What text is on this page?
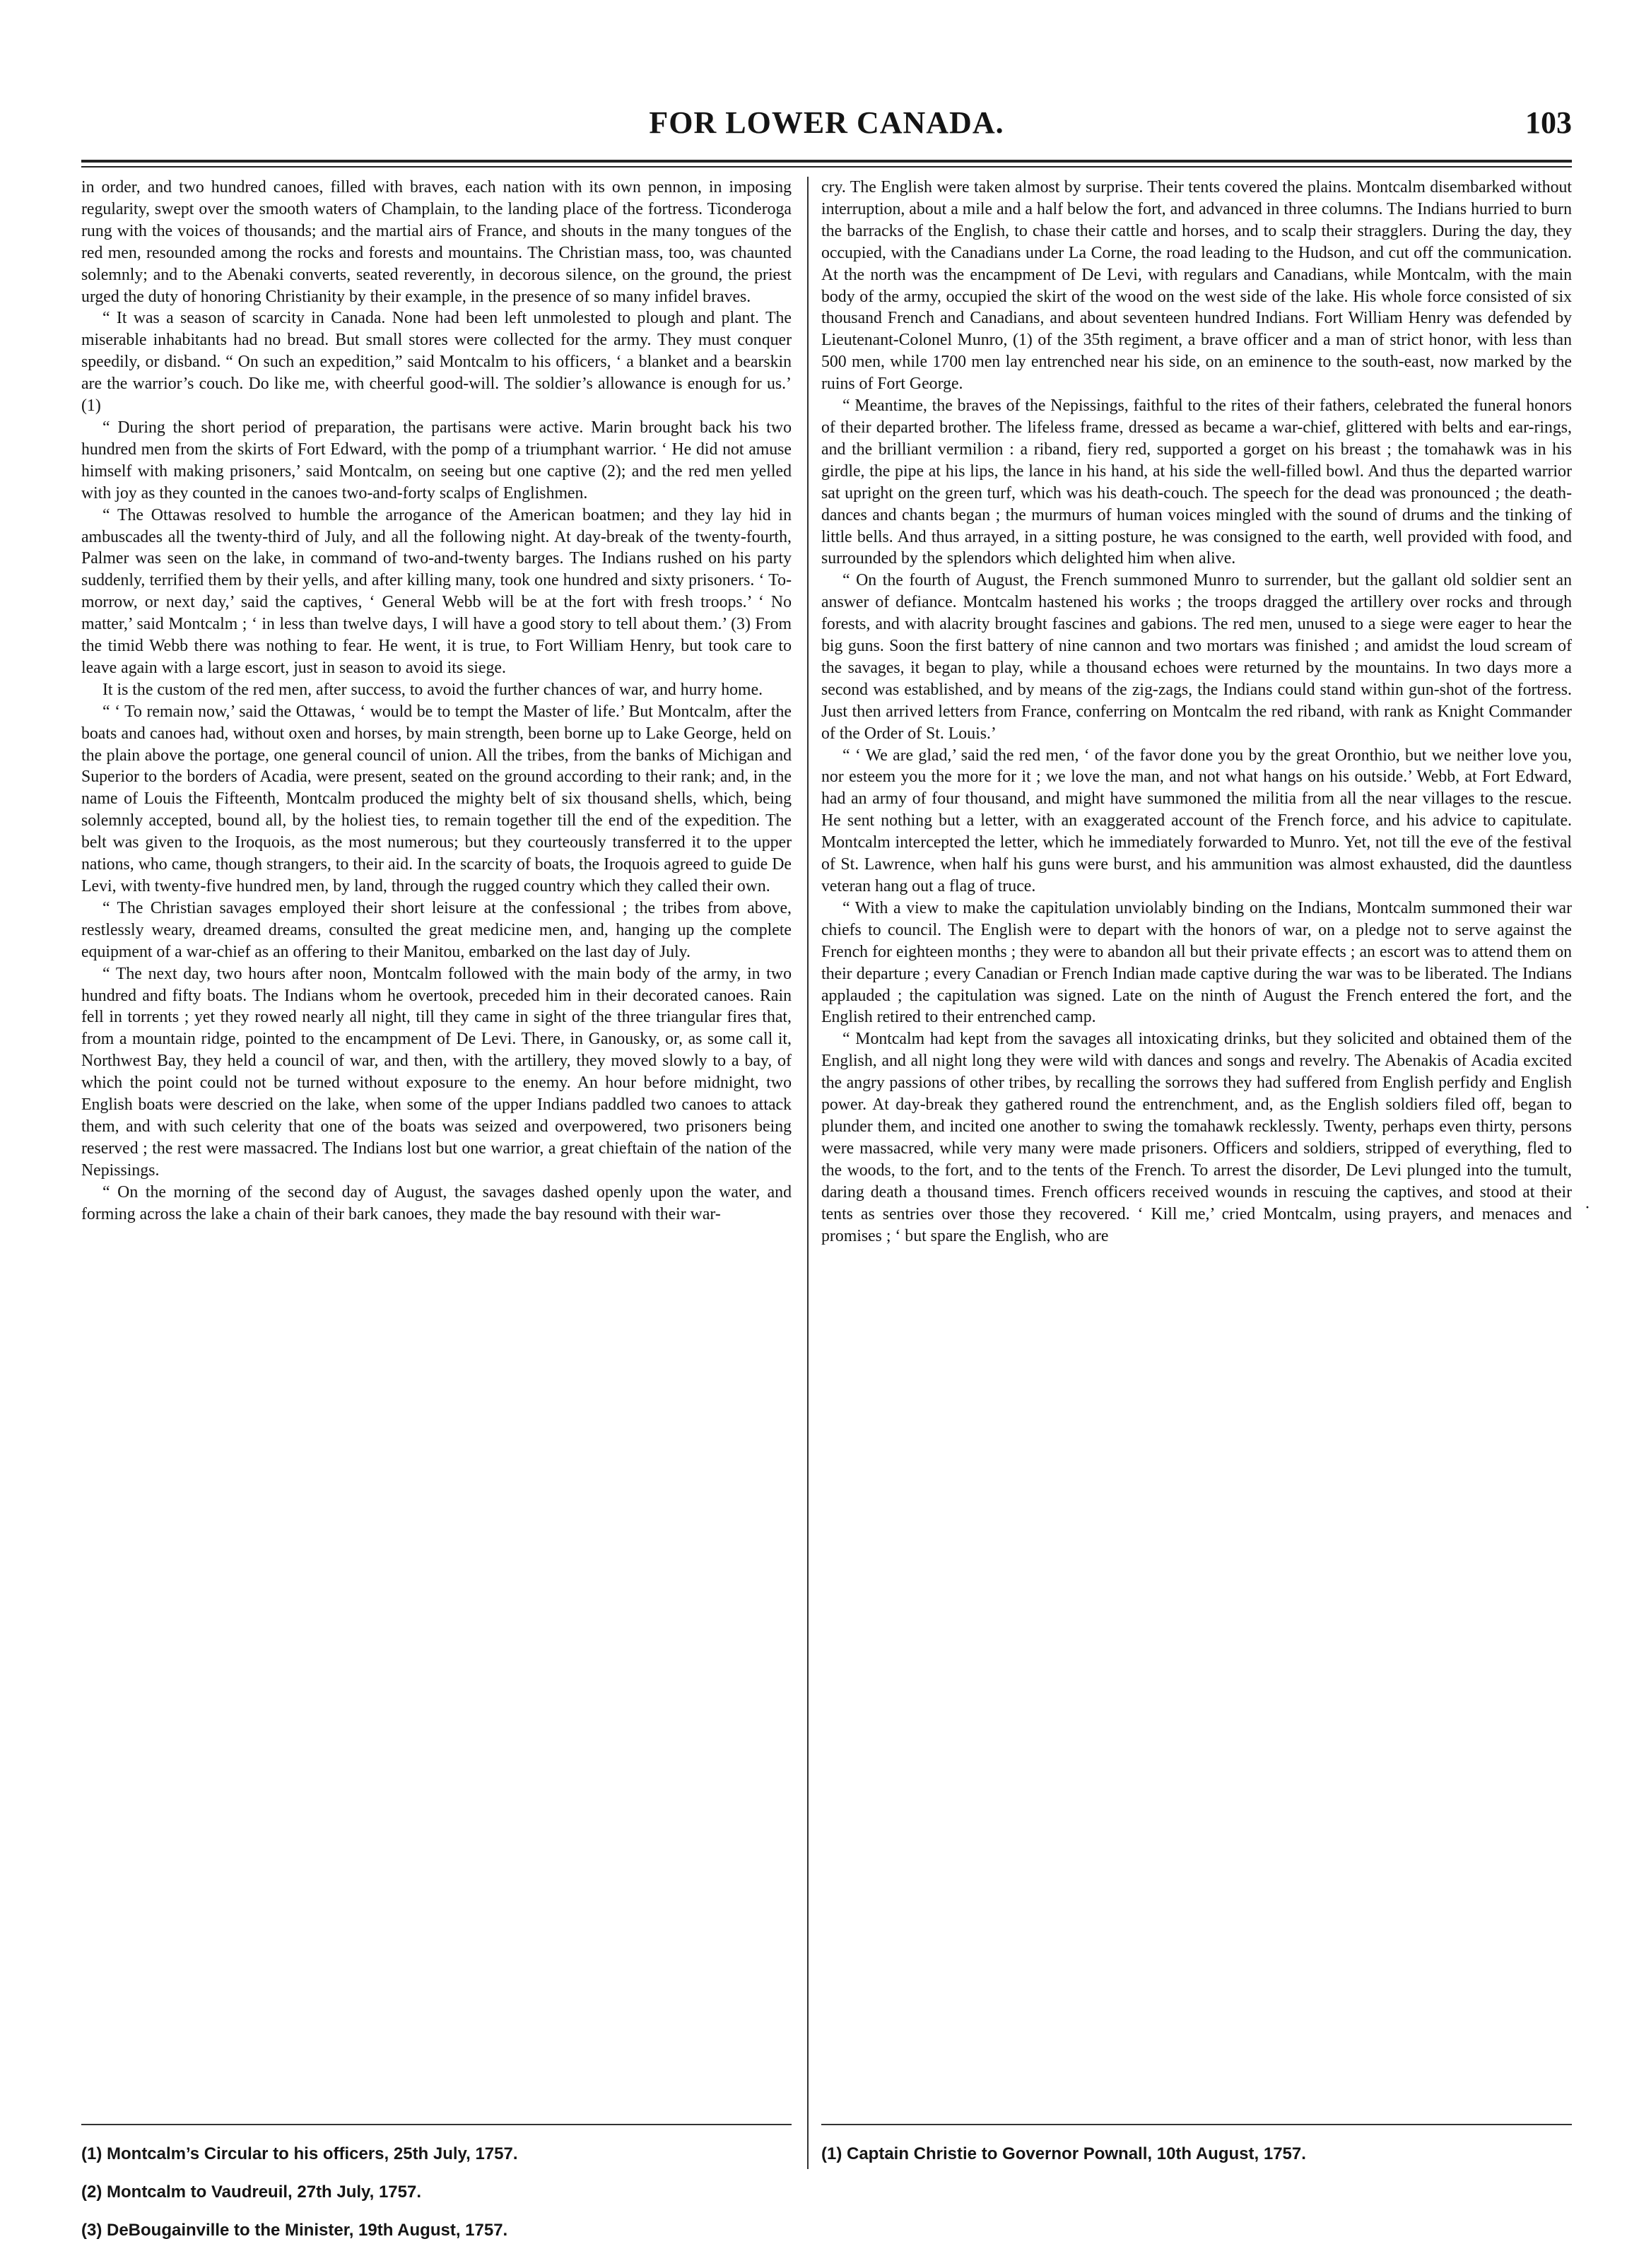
FOR LOWER CANADA.	103

in order, and two hundred canoes, filled with braves, each nation with its own pennon, in imposing regularity, swept over the smooth waters of Champlain, to the landing place of the fortress. Ticonderoga rung with the voices of thousands; and the martial airs of France, and shouts in the many tongues of the red men, resounded among the rocks and forests and mountains. The Christian mass, too, was chaunted solemnly; and to the Abenaki converts, seated reverently, in decorous silence, on the ground, the priest urged the duty of honoring Christianity by their example, in the presence of so many infidel braves.

“ It was a season of scarcity in Canada. None had been left unmolested to plough and plant. The miserable inhabitants had no bread. But small stores were collected for the army. They must conquer speedily, or disband. “ On such an expedition,” said Montcalm to his officers, ‘ a blanket and a bearskin are the warrior’s couch. Do like me, with cheerful good-will. The soldier’s allowance is enough for us.’ (1)

“ During the short period of preparation, the partisans were active. Marin brought back his two hundred men from the skirts of Fort Edward, with the pomp of a triumphant warrior. ‘ He did not amuse himself with making prisoners,’ said Montcalm, on seeing but one captive (2); and the red men yelled with joy as they counted in the canoes two-and-forty scalps of Englishmen.

“ The Ottawas resolved to humble the arrogance of the American boatmen; and they lay hid in ambuscades all the twenty-third of July, and all the following night. At day-break of the twenty-fourth, Palmer was seen on the lake, in command of two-and-twenty barges. The Indians rushed on his party suddenly, terrified them by their yells, and after killing many, took one hundred and sixty prisoners. ‘ To-morrow, or next day,’ said the captives, ‘ General Webb will be at the fort with fresh troops.’ ‘ No matter,’ said Montcalm ; ‘ in less than twelve days, I will have a good story to tell about them.’ (3) From the timid Webb there was nothing to fear. He went, it is true, to Fort William Henry, but took care to leave again with a large escort, just in season to avoid its siege.

It is the custom of the red men, after success, to avoid the further chances of war, and hurry home.

“ ‘ To remain now,’ said the Ottawas, ‘ would be to tempt the Master of life.’ But Montcalm, after the boats and canoes had, without oxen and horses, by main strength, been borne up to Lake George, held on the plain above the portage, one general council of union. All the tribes, from the banks of Michigan and Superior to the borders of Acadia, were present, seated on the ground according to their rank; and, in the name of Louis the Fifteenth, Montcalm produced the mighty belt of six thousand shells, which, being solemnly accepted, bound all, by the holiest ties, to remain together till the end of the expedition. The belt was given to the Iroquois, as the most numerous; but they courteously transferred it to the upper nations, who came, though strangers, to their aid. In the scarcity of boats, the Iroquois agreed to guide De Levi, with twenty-five hundred men, by land, through the rugged country which they called their own.

“ The Christian savages employed their short leisure at the confessional ; the tribes from above, restlessly weary, dreamed dreams, consulted the great medicine men, and, hanging up the complete equipment of a war-chief as an offering to their Manitou, embarked on the last day of July.

“ The next day, two hours after noon, Montcalm followed with the main body of the army, in two hundred and fifty boats. The Indians whom he overtook, preceded him in their decorated canoes. Rain fell in torrents ; yet they rowed nearly all night, till they came in sight of the three triangular fires that, from a mountain ridge, pointed to the encampment of De Levi. There, in Ganousky, or, as some call it, Northwest Bay, they held a council of war, and then, with the artillery, they moved slowly to a bay, of which the point could not be turned without exposure to the enemy. An hour before midnight, two English boats were descried on the lake, when some of the upper Indians paddled two canoes to attack them, and with such celerity that one of the boats was seized and overpowered, two prisoners being reserved ; the rest were massacred. The Indians lost but one warrior, a great chieftain of the nation of the Nepissings.

“ On the morning of the second day of August, the savages dashed openly upon the water, and forming across the lake a chain of their bark canoes, they made the bay resound with their war-

(1) Montcalm’s Circular to his officers, 25th July, 1757.
(2) Montcalm to Vaudreuil, 27th July, 1757.
(3) DeBougainville to the Minister, 19th August, 1757.

cry. The English were taken almost by surprise. Their tents covered the plains. Montcalm disembarked without interruption, about a mile and a half below the fort, and advanced in three columns. The Indians hurried to burn the barracks of the English, to chase their cattle and horses, and to scalp their stragglers. During the day, they occupied, with the Canadians under La Corne, the road leading to the Hudson, and cut off the communication. At the north was the encampment of De Levi, with regulars and Canadians, while Montcalm, with the main body of the army, occupied the skirt of the wood on the west side of the lake. His whole force consisted of six thousand French and Canadians, and about seventeen hundred Indians. Fort William Henry was defended by Lieutenant-Colonel Munro, (1) of the 35th regiment, a brave officer and a man of strict honor, with less than 500 men, while 1700 men lay entrenched near his side, on an eminence to the south-east, now marked by the ruins of Fort George.

“ Meantime, the braves of the Nepissings, faithful to the rites of their fathers, celebrated the funeral honors of their departed brother. The lifeless frame, dressed as became a war-chief, glittered with belts and ear-rings, and the brilliant vermilion : a riband, fiery red, supported a gorget on his breast ; the tomahawk was in his girdle, the pipe at his lips, the lance in his hand, at his side the well-filled bowl. And thus the departed warrior sat upright on the green turf, which was his death-couch. The speech for the dead was pronounced ; the death-dances and chants began ; the murmurs of human voices mingled with the sound of drums and the tinking of little bells. And thus arrayed, in a sitting posture, he was consigned to the earth, well provided with food, and surrounded by the splendors which delighted him when alive.

“ On the fourth of August, the French summoned Munro to surrender, but the gallant old soldier sent an answer of defiance. Montcalm hastened his works ; the troops dragged the artillery over rocks and through forests, and with alacrity brought fascines and gabions. The red men, unused to a siege were eager to hear the big guns. Soon the first battery of nine cannon and two mortars was finished ; and amidst the loud scream of the savages, it began to play, while a thousand echoes were returned by the mountains. In two days more a second was established, and by means of the zig-zags, the Indians could stand within gun-shot of the fortress. Just then arrived letters from France, conferring on Montcalm the red riband, with rank as Knight Commander of the Order of St. Louis.’

“ ‘ We are glad,’ said the red men, ‘ of the favor done you by the great Oronthio, but we neither love you, nor esteem you the more for it ; we love the man, and not what hangs on his outside.’ Webb, at Fort Edward, had an army of four thousand, and might have summoned the militia from all the near villages to the rescue. He sent nothing but a letter, with an exaggerated account of the French force, and his advice to capitulate. Montcalm intercepted the letter, which he immediately forwarded to Munro. Yet, not till the eve of the festival of St. Lawrence, when half his guns were burst, and his ammunition was almost exhausted, did the dauntless veteran hang out a flag of truce.

“ With a view to make the capitulation unviolably binding on the Indians, Montcalm summoned their war chiefs to council. The English were to depart with the honors of war, on a pledge not to serve against the French for eighteen months ; they were to abandon all but their private effects ; an escort was to attend them on their departure ; every Canadian or French Indian made captive during the war was to be liberated. The Indians applauded ; the capitulation was signed. Late on the ninth of August the French entered the fort, and the English retired to their entrenched camp.

“ Montcalm had kept from the savages all intoxicating drinks, but they solicited and obtained them of the English, and all night long they were wild with dances and songs and revelry. The Abenakis of Acadia excited the angry passions of other tribes, by recalling the sorrows they had suffered from English perfidy and English power. At day-break they gathered round the entrenchment, and, as the English soldiers filed off, began to plunder them, and incited one another to swing the tomahawk recklessly. Twenty, perhaps even thirty, persons were massacred, while very many were made prisoners. Officers and soldiers, stripped of everything, fled to the woods, to the fort, and to the tents of the French. To arrest the disorder, De Levi plunged into the tumult, daring death a thousand times. French officers received wounds in rescuing the captives, and stood at their tents as sentries over those they recovered. ‘ Kill me,’ cried Montcalm, using prayers, and menaces and promises ; ‘ but spare the English, who are

(1) Captain Christie to Governor Pownall, 10th August, 1757.
·
